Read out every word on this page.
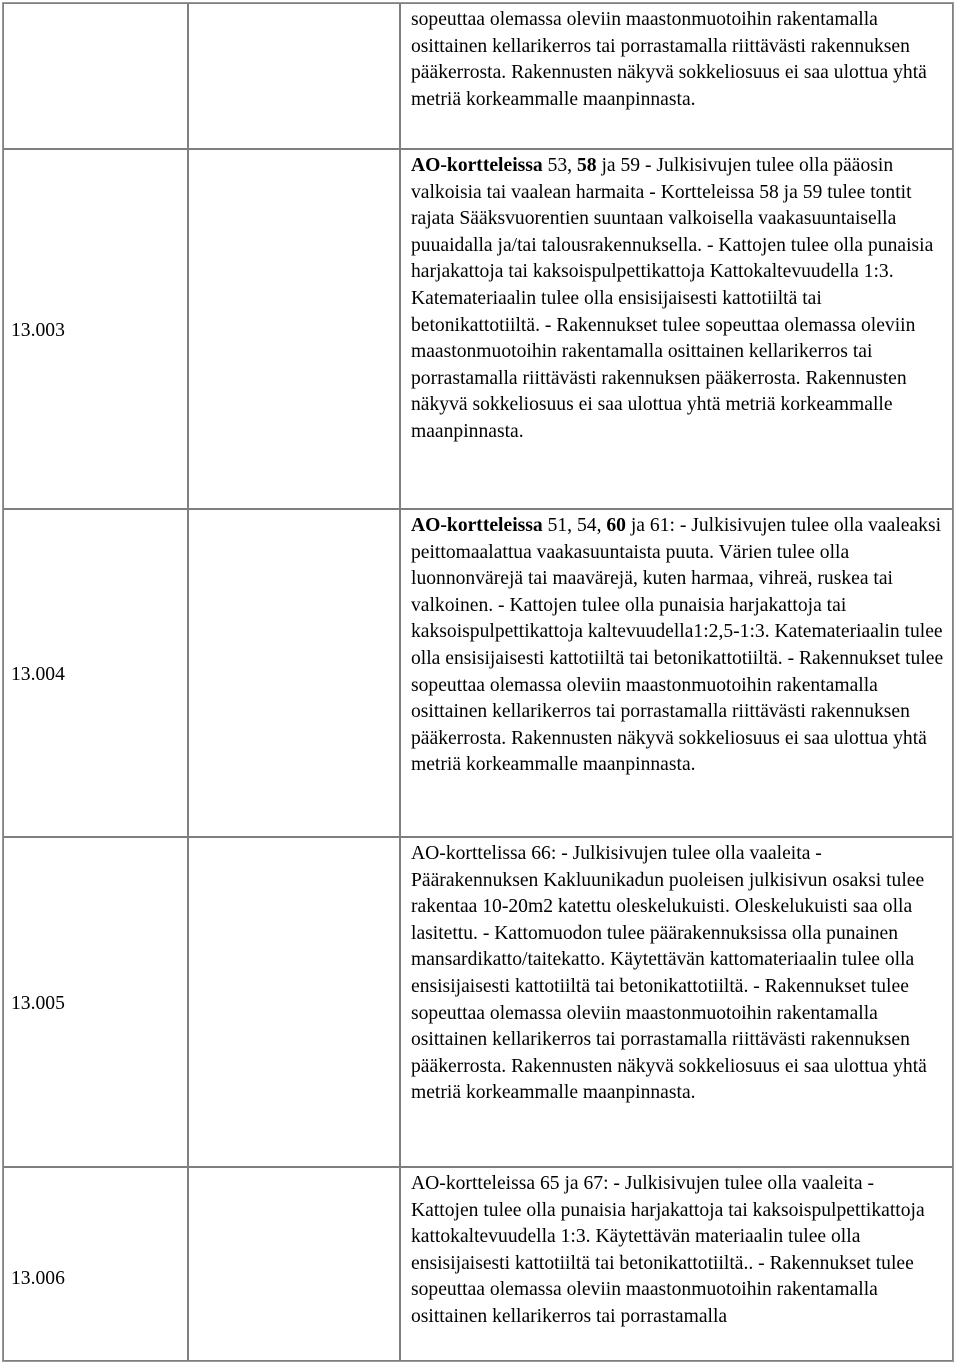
		sopeuttaa olemassa oleviin maastonmuotoihin rakentamalla osittainen kellarikerros tai porrastamalla riittävästi rakennuksen pääkerrosta. Rakennusten näkyvä sokkeliosuus ei saa ulottua yhtä metriä korkeammalle maanpinnasta.

13.003		AO-kortteleissa 53, 58 ja 59 - Julkisivujen tulee olla pääosin valkoisia tai vaalean harmaita - Kortteleissa 58 ja 59 tulee tontit rajata Sääksvuorentien suuntaan valkoisella vaakasuuntaisella puuaidalla ja/tai talousrakennuksella. - Kattojen tulee olla punaisia harjakattoja tai kaksoispulpettikattoja Kattokaltevuudella 1:3. Katemateriaalin tulee olla ensisijaisesti kattotiiltä tai betonikattotiiltä. - Rakennukset tulee sopeuttaa olemassa oleviin maastonmuotoihin rakentamalla osittainen kellarikerros tai porrastamalla riittävästi rakennuksen pääkerrosta. Rakennusten näkyvä sokkeliosuus ei saa ulottua yhtä metriä korkeammalle maanpinnasta.

13.004		AO-kortteleissa 51, 54, 60 ja 61: - Julkisivujen tulee olla vaaleaksi peittomaalattua vaakasuuntaista puuta. Värien tulee olla luonnonvärejä tai maavärejä, kuten harmaa, vihreä, ruskea tai valkoinen. - Kattojen tulee olla punaisia harjakattoja tai kaksoispulpettikattoja kaltevuudella1:2,5-1:3. Katemateriaalin tulee olla ensisijaisesti kattotiiltä tai betonikattotiiltä. - Rakennukset tulee sopeuttaa olemassa oleviin maastonmuotoihin rakentamalla osittainen kellarikerros tai porrastamalla riittävästi rakennuksen pääkerrosta. Rakennusten näkyvä sokkeliosuus ei saa ulottua yhtä metriä korkeammalle maanpinnasta.

13.005		AO-korttelissa 66: - Julkisivujen tulee olla vaaleita - Päärakennuksen Kakluunikadun puoleisen julkisivun osaksi tulee rakentaa 10-20m2 katettu oleskelukuisti. Oleskelukuisti saa olla lasitettu. - Kattomuodon tulee päärakennuksissa olla punainen mansardikatto/taitekatto. Käytettävän kattomateriaalin tulee olla ensisijaisesti kattotiiltä tai betonikattotiiltä. - Rakennukset tulee sopeuttaa olemassa oleviin maastonmuotoihin rakentamalla osittainen kellarikerros tai porrastamalla riittävästi rakennuksen pääkerrosta. Rakennusten näkyvä sokkeliosuus ei saa ulottua yhtä metriä korkeammalle maanpinnasta.

13.006		AO-kortteleissa 65 ja 67: - Julkisivujen tulee olla vaaleita - Kattojen tulee olla punaisia harjakattoja tai kaksoispulpettikattoja kattokaltevuudella 1:3. Käytettävän materiaalin tulee olla ensisijaisesti kattotiiltä tai betonikattotiiltä.. - Rakennukset tulee sopeuttaa olemassa oleviin maastonmuotoihin rakentamalla osittainen kellarikerros tai porrastamalla
